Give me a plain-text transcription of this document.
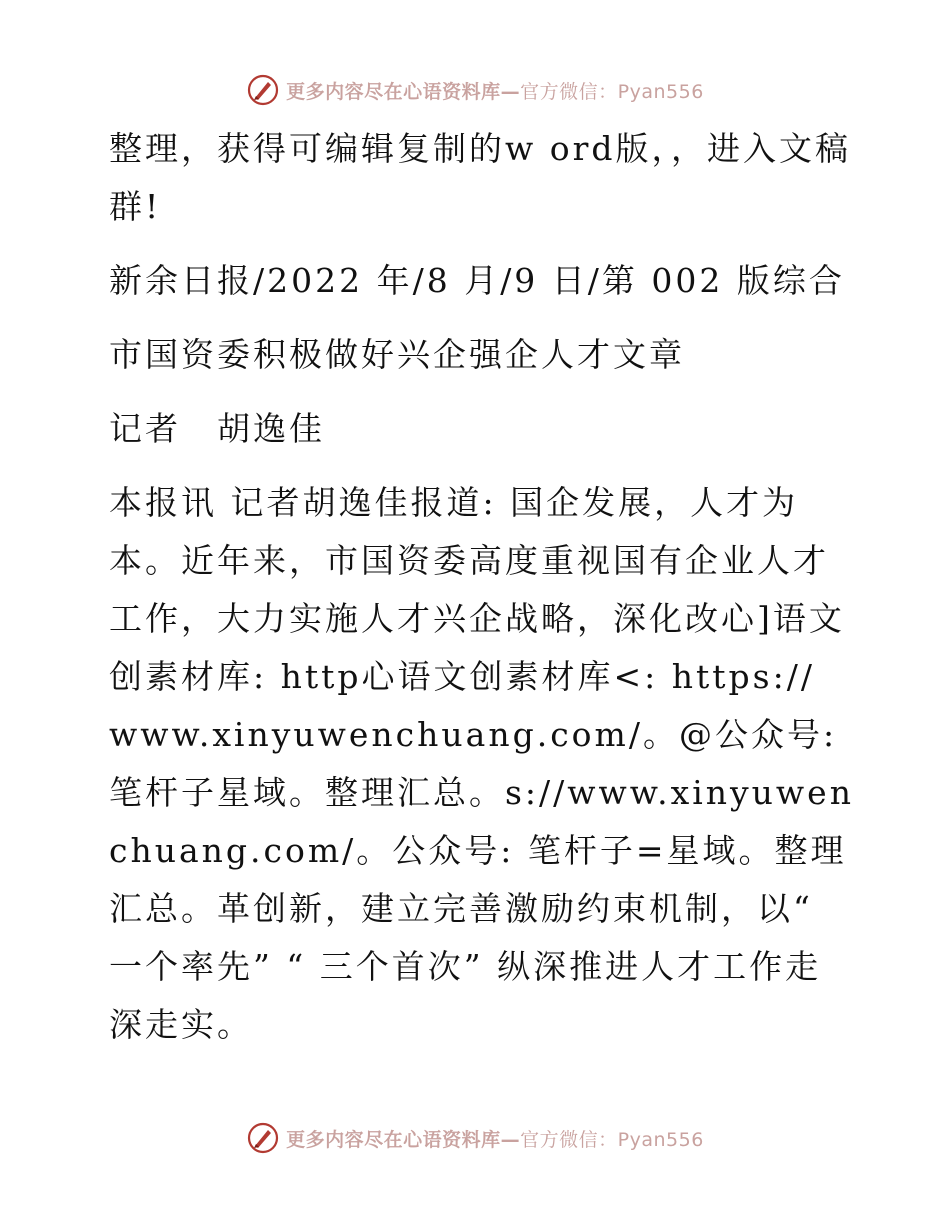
更多内容尽在心语资料库—官方微信：Pyan556

整理，获得可编辑复制的w ord版，，进入文稿群!

新余日报/2022 年/8 月/9 日/第 002 版综合

市国资委积极做好兴企强企人才文章

记者　胡逸佳

本报讯 记者胡逸佳报道: 国企发展，人才为本。近年来，市国资委高度重视国有企业人才工作，大力实施人才兴企战略，深化改心]语文创素材库: http心语文创素材库<: https:// www.xinyuwenchuang.com/。@公众号: 笔杆子星域。整理汇总。s://www.xinyuwenchuang.com/。公众号: 笔杆子=星域。整理汇总。革创新，建立完善激励约束机制，以“ 一个率先” “ 三个首次” 纵深推进人才工作走深走实。

更多内容尽在心语资料库—官方微信：Pyan556
